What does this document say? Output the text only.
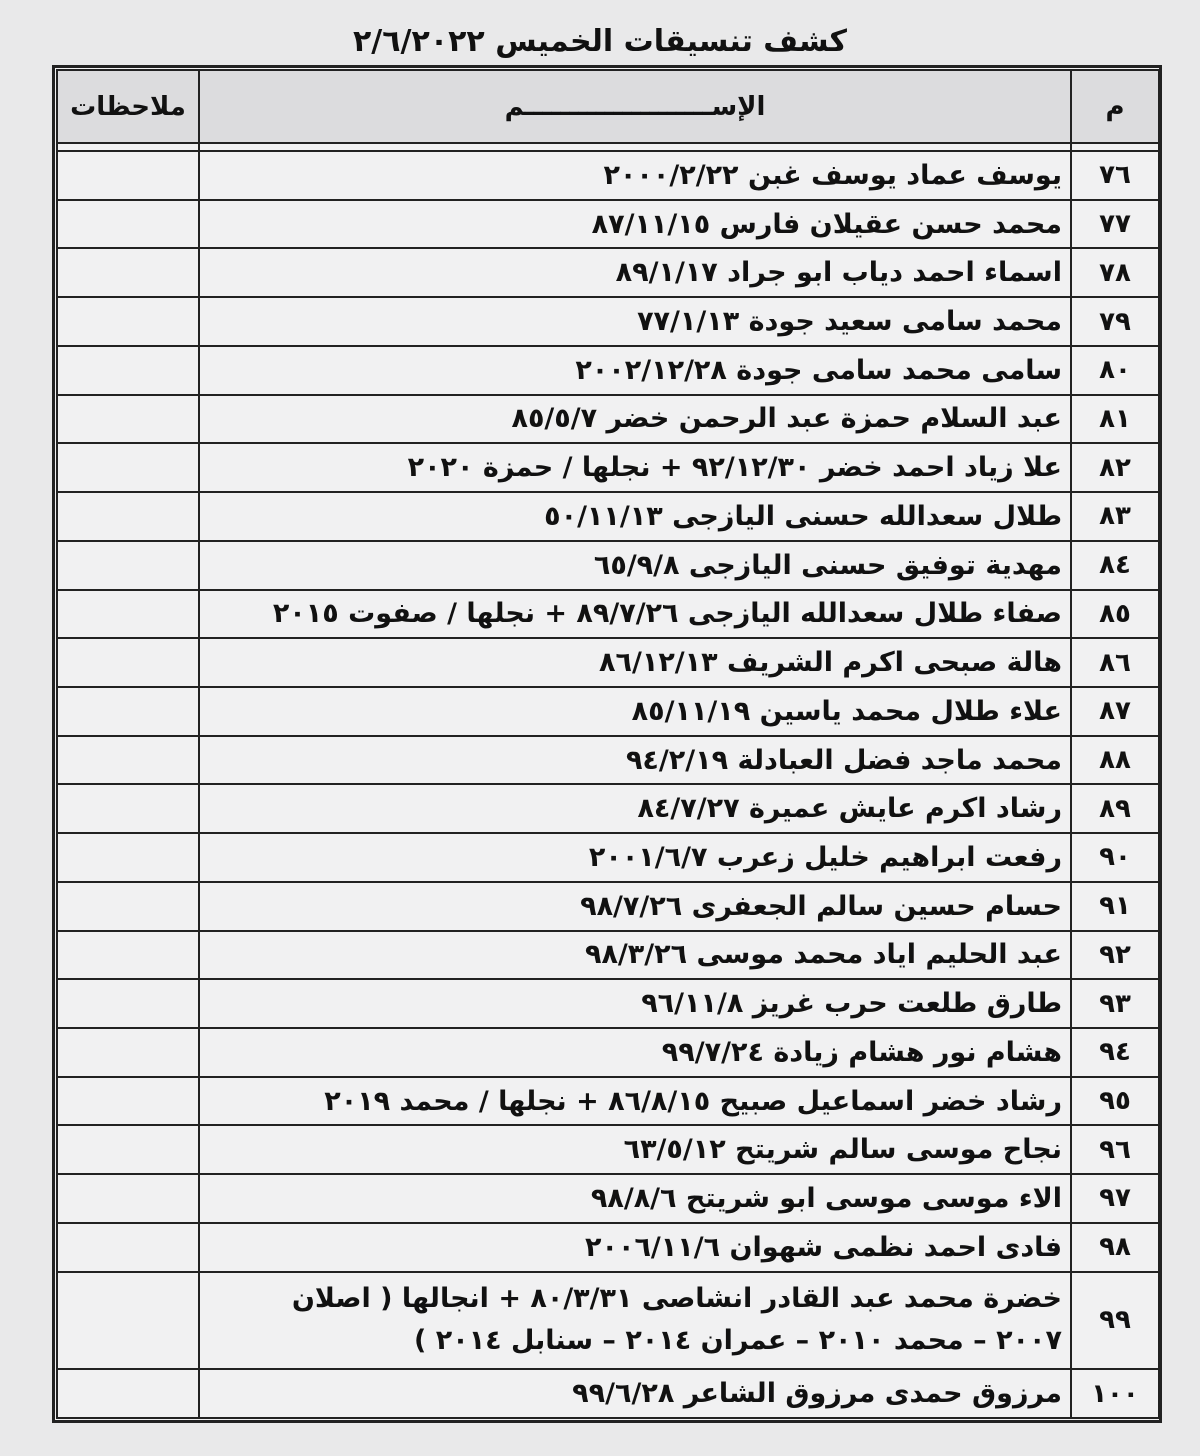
كشف تنسيقات الخميس ٢/٦/٢٠٢٢
م	الإســـــــــــــــــــــم	ملاحظات

٧٦	يوسف عماد يوسف غبن ٢٠٠٠/٢/٢٢	
٧٧	محمد حسن عقيلان فارس ٨٧/١١/١٥	
٧٨	اسماء احمد دياب ابو جراد ٨٩/١/١٧	
٧٩	محمد سامى سعيد جودة ٧٧/١/١٣	
٨٠	سامى محمد سامى جودة ٢٠٠٢/١٢/٢٨	
٨١	عبد السلام حمزة عبد الرحمن خضر ٨٥/٥/٧	
٨٢	علا زياد احمد خضر ٩٢/١٢/٣٠ + نجلها / حمزة ٢٠٢٠	
٨٣	طلال سعدالله حسنى اليازجى ٥٠/١١/١٣	
٨٤	مهدية توفيق حسنى اليازجى ٦٥/٩/٨	
٨٥	صفاء طلال سعدالله اليازجى ٨٩/٧/٢٦ + نجلها / صفوت ٢٠١٥	
٨٦	هالة صبحى اكرم الشريف ٨٦/١٢/١٣	
٨٧	علاء طلال محمد ياسين ٨٥/١١/١٩	
٨٨	محمد ماجد فضل العبادلة ٩٤/٢/١٩	
٨٩	رشاد اكرم عايش عميرة ٨٤/٧/٢٧	
٩٠	رفعت ابراهيم خليل زعرب ٢٠٠١/٦/٧	
٩١	حسام حسين سالم الجعفرى ٩٨/٧/٢٦	
٩٢	عبد الحليم اياد محمد موسى ٩٨/٣/٢٦	
٩٣	طارق طلعت حرب غريز ٩٦/١١/٨	
٩٤	هشام نور هشام زيادة ٩٩/٧/٢٤	
٩٥	رشاد خضر اسماعيل صبيح ٨٦/٨/١٥ + نجلها / محمد ٢٠١٩	
٩٦	نجاح موسى سالم شريتح ٦٣/٥/١٢	
٩٧	الاء موسى موسى ابو شريتح ٩٨/٨/٦	
٩٨	فادى احمد نظمى شهوان ٢٠٠٦/١١/٦	
٩٩	خضرة محمد عبد القادر انشاصى ٨٠/٣/٣١ + انجالها ( اصلان
٢٠٠٧ – محمد ٢٠١٠ – عمران ٢٠١٤ – سنابل ٢٠١٤ )	

١٠٠	مرزوق حمدى مرزوق الشاعر ٩٩/٦/٢٨	
